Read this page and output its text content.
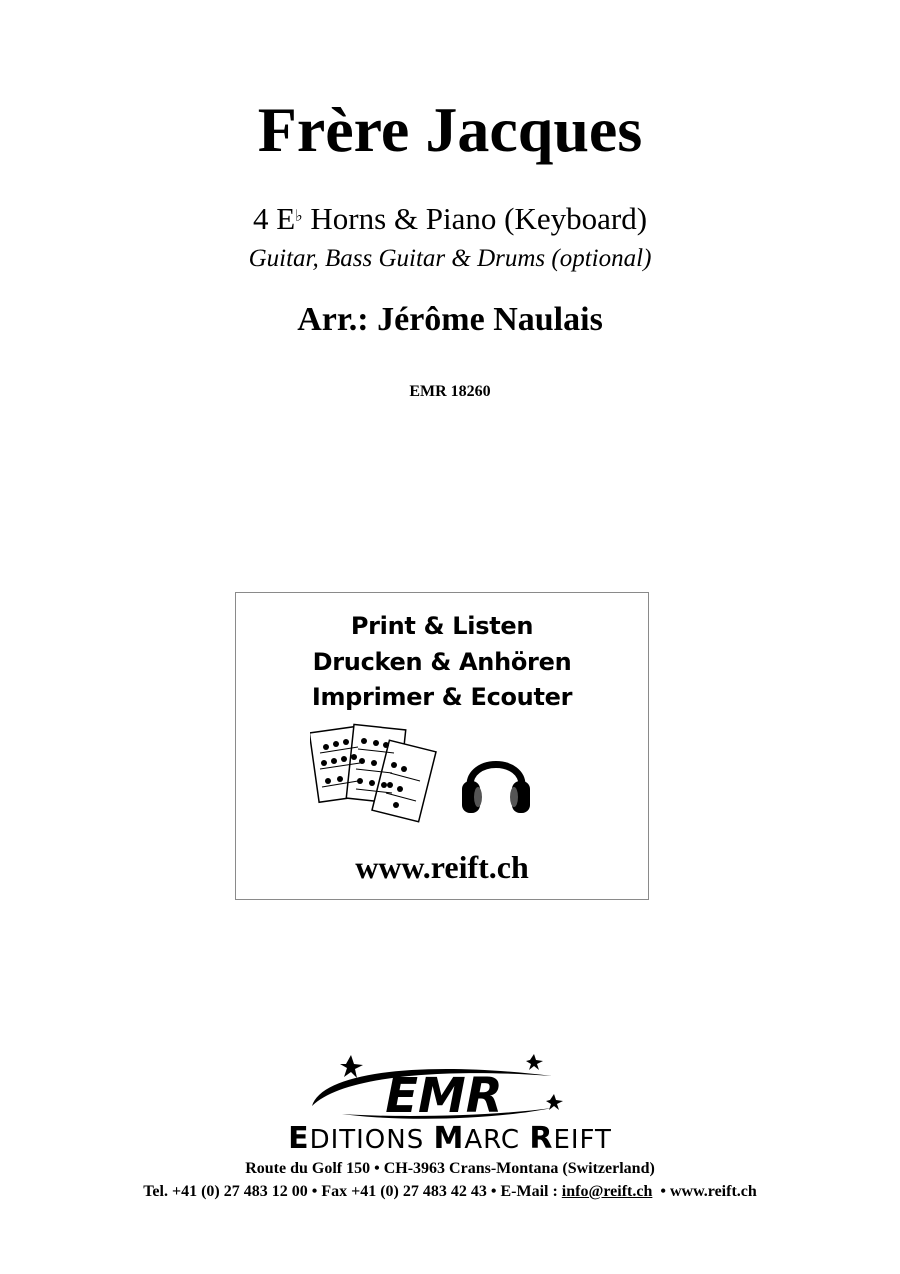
Frère Jacques
4 E♭ Horns & Piano (Keyboard)
Guitar, Bass Guitar & Drums (optional)
Arr.: Jérôme Naulais
EMR 18260
Print & Listen
Drucken & Anhören
Imprimer & Ecouter
www.reift.ch
EMR
EDITIONS MARC REIFT
Route du Golf 150 • CH-3963 Crans-Montana (Switzerland)
Tel. +41 (0) 27 483 12 00 • Fax +41 (0) 27 483 42 43 • E-Mail : info@reift.ch  • www.reift.ch
